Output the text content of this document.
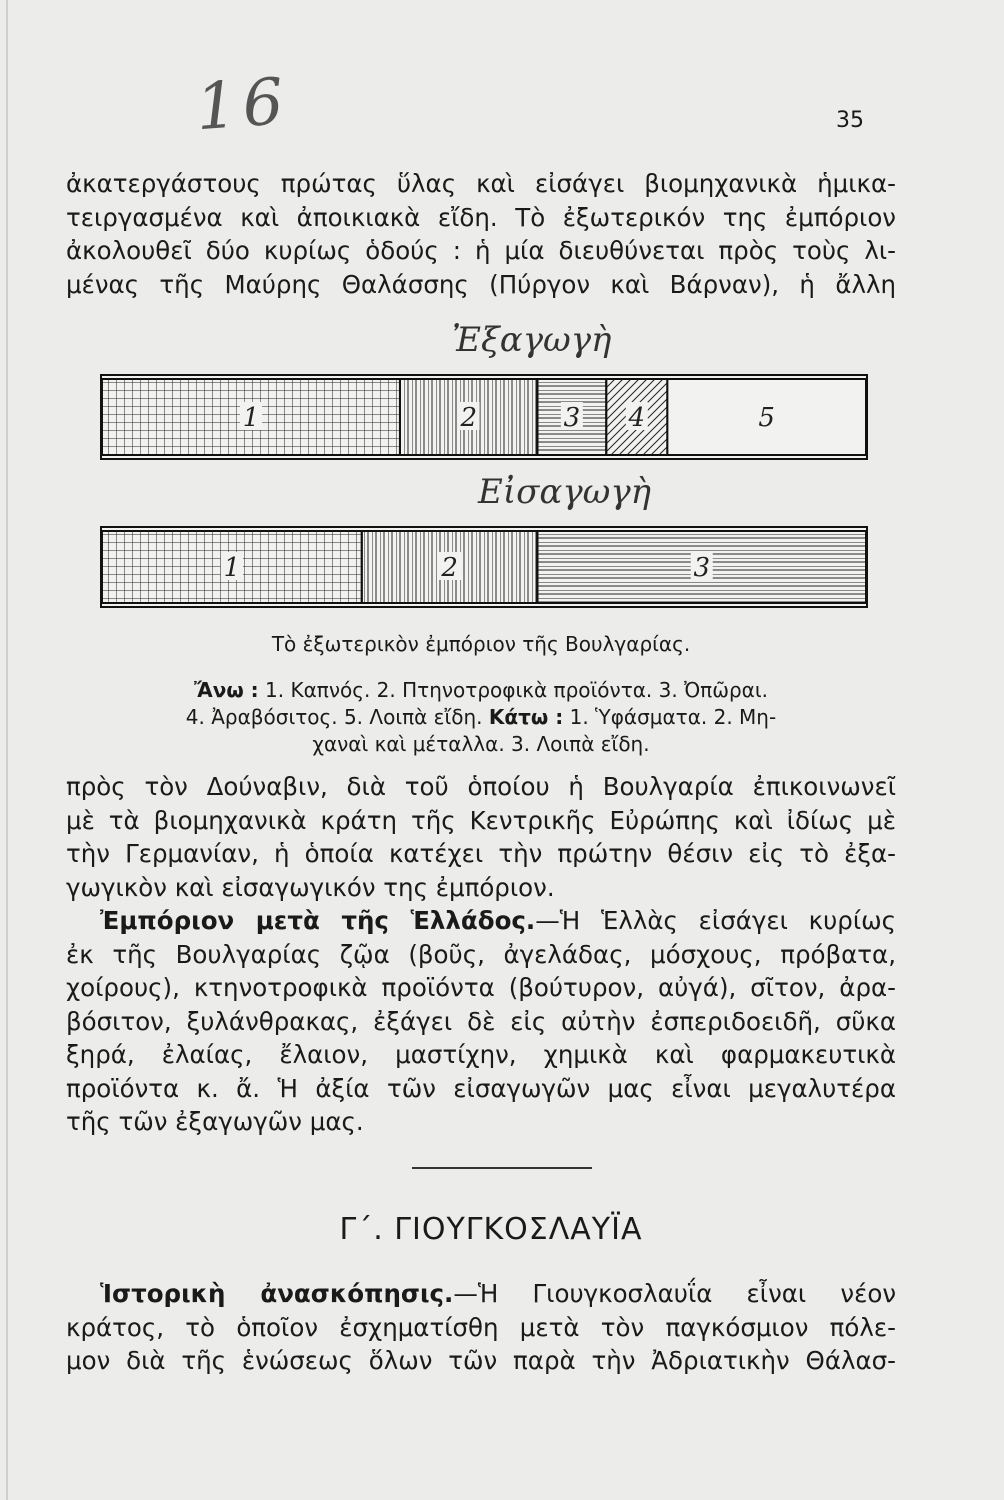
16	35
ἀκατεργάστους πρώτας ὕλας καὶ εἰσάγει βιομηχανικὰ ἡμικα-
τειργασμένα καὶ ἀποικιακὰ εἴδη. Τὸ ἐξωτερικόν της ἐμπόριον
ἀκολουθεῖ δύο κυρίως ὁδούς : ἡ μία διευθύνεται πρὸς τοὺς λι-
μένας τῆς Μαύρης Θαλάσσης (Πύργον καὶ Βάρναν), ἡ ἄλλη
Ἐξαγωγὴ
1	2	3 4	5
Εἰσαγωγὴ
1	2	3
Τὸ ἐξωτερικὸν ἐμπόριον τῆς Βουλγαρίας.
Ἄνω : 1. Καπνός. 2. Πτηνοτροφικὰ προϊόντα. 3. Ὀπῶραι.
4. Ἀραβόσιτος. 5. Λοιπὰ εἴδη. Κάτω : 1. Ὑφάσματα. 2. Μη-
χαναὶ καὶ μέταλλα. 3. Λοιπὰ εἴδη.
πρὸς τὸν Δούναβιν, διὰ τοῦ ὁποίου ἡ Βουλγαρία ἐπικοινωνεῖ
μὲ τὰ βιομηχανικὰ κράτη τῆς Κεντρικῆς Εὐρώπης καὶ ἰδίως μὲ
τὴν Γερμανίαν, ἡ ὁποία κατέχει τὴν πρώτην θέσιν εἰς τὸ ἐξα-
γωγικὸν καὶ εἰσαγωγικόν της ἐμπόριον.
Ἐμπόριον μετὰ τῆς Ἑλλάδος.—Ἡ Ἑλλὰς εἰσάγει κυρίως
ἐκ τῆς Βουλγαρίας ζῷα (βοῦς, ἀγελάδας, μόσχους, πρόβατα,
χοίρους), κτηνοτροφικὰ προϊόντα (βούτυρον, αὐγά), σῖτον, ἀρα-
βόσιτον, ξυλάνθρακας, ἐξάγει δὲ εἰς αὐτὴν ἐσπεριδοειδῆ, σῦκα
ξηρά, ἐλαίας, ἔλαιον, μαστίχην, χημικὰ καὶ φαρμακευτικὰ
προϊόντα κ. ἄ. Ἡ ἀξία τῶν εἰσαγωγῶν μας εἶναι μεγαλυτέρα
τῆς τῶν ἐξαγωγῶν μας.
Γ΄. ΓΙΟΥΓΚΟΣΛΑΥΪΑ
Ἱστορικὴ ἀνασκόπησις.—Ἡ Γιουγκοσλαυΐα εἶναι νέον
κράτος, τὸ ὁποῖον ἐσχηματίσθη μετὰ τὸν παγκόσμιον πόλε-
μον διὰ τῆς ἑνώσεως ὅλων τῶν παρὰ τὴν Ἀδριατικὴν Θάλασ-
